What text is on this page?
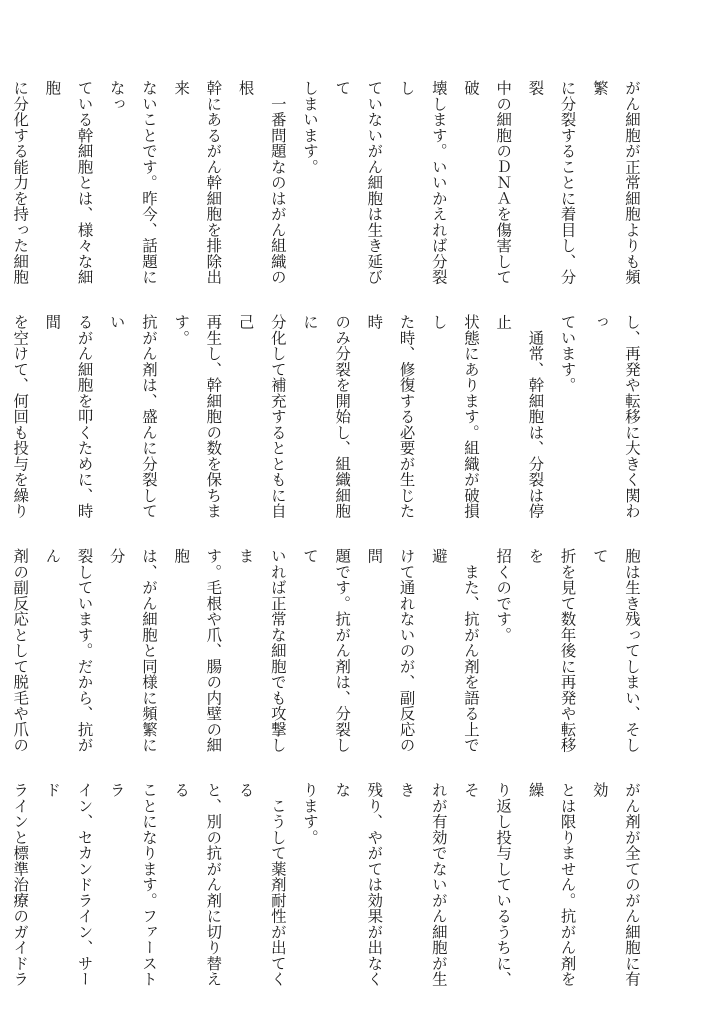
がん細胞が正常細胞よりも頻繁

に分裂することに着目し、分裂

中の細胞のＤＮＡを傷害して破

壊します。いいかえれば分裂し

ていないがん細胞は生き延びて

しまいます。

　一番問題なのはがん組織の根

幹にあるがん幹細胞を排除出来

ないことです。昨今、話題になっ

ている幹細胞とは、様々な細胞

に分化する能力を持った細胞

し、再発や転移に大きく関わっ

ています。

　通常、幹細胞は、分裂は停止

状態にあります。組織が破損し

た時、修復する必要が生じた時

のみ分裂を開始し、組織細胞に

分化して補充するとともに自己

再生し、幹細胞の数を保ちます。

抗がん剤は、盛んに分裂してい

るがん細胞を叩くために、時間

を空けて、何回も投与を繰り

胞は生き残ってしまい、そして

折を見て数年後に再発や転移を

招くのです。

　また、抗がん剤を語る上で避

けて通れないのが、副反応の問

題です。抗がん剤は、分裂して

いれば正常な細胞でも攻撃しま

す。毛根や爪、腸の内壁の細胞

は、がん細胞と同様に頻繁に分

裂しています。だから、抗がん

剤の副反応として脱毛や爪の

がん剤が全てのがん細胞に有効

とは限りません。抗がん剤を繰

り返し投与しているうちに、そ

れが有効でないがん細胞が生き

残り、やがては効果が出なくな

ります。

　こうして薬剤耐性が出てくる

と、別の抗がん剤に切り替える

ことになります。ファーストラ

イン、セカンドライン、サード

ラインと標準治療のガイドラ
